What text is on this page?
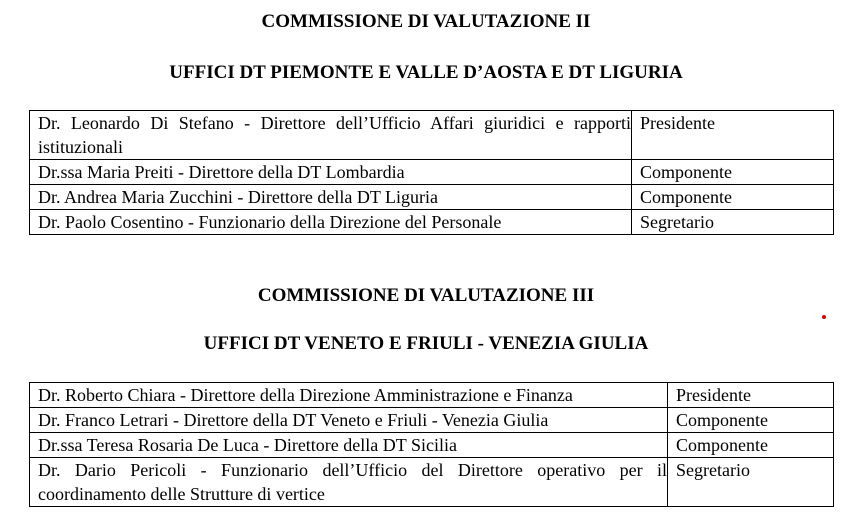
COMMISSIONE DI VALUTAZIONE II
UFFICI DT PIEMONTE E VALLE D’AOSTA E DT LIGURIA
Dr. Leonardo Di Stefano - Direttore dell’Ufficio Affari giuridici e rapporti istituzionali	Presidente
Dr.ssa Maria Preiti - Direttore della DT Lombardia	Componente
Dr. Andrea Maria Zucchini - Direttore della DT Liguria	Componente
Dr. Paolo Cosentino - Funzionario della Direzione del Personale	Segretario
COMMISSIONE DI VALUTAZIONE III
UFFICI DT VENETO E FRIULI - VENEZIA GIULIA
Dr. Roberto Chiara - Direttore della Direzione Amministrazione e Finanza	Presidente
Dr. Franco Letrari - Direttore della DT Veneto e Friuli - Venezia Giulia	Componente
Dr.ssa Teresa Rosaria De Luca - Direttore della DT Sicilia	Componente
Dr. Dario Pericoli - Funzionario dell’Ufficio del Direttore operativo per il coordinamento delle Strutture di vertice	Segretario
